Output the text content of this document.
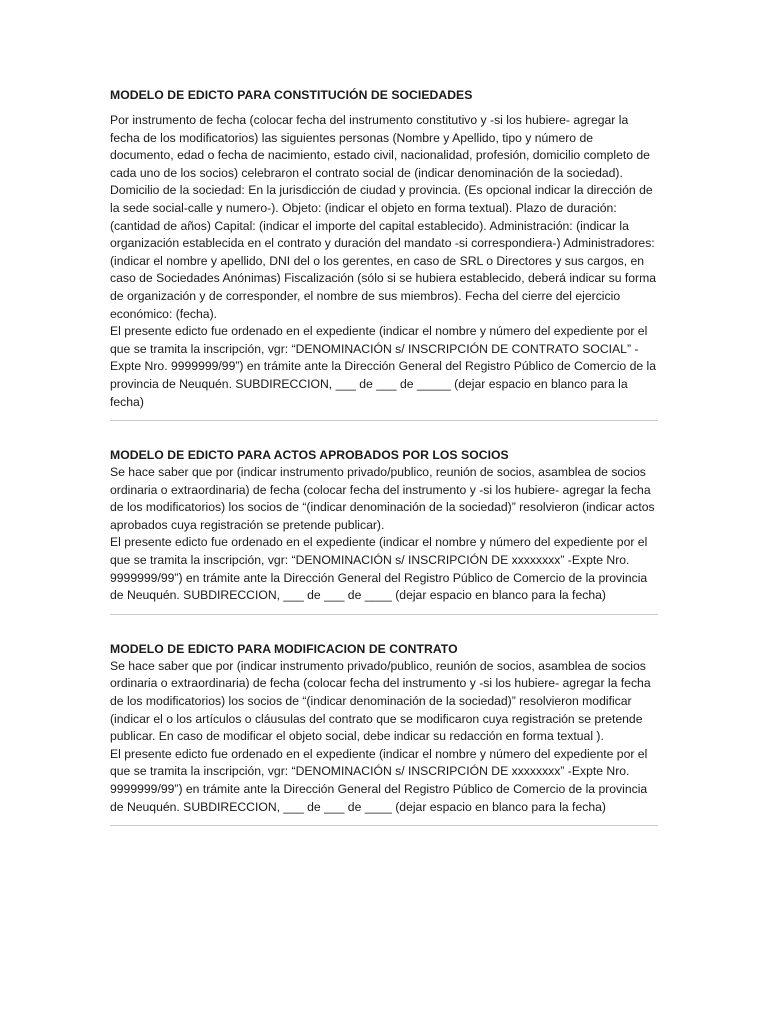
MODELO DE EDICTO PARA CONSTITUCIÓN DE SOCIEDADES

Por instrumento de fecha (colocar fecha del instrumento constitutivo y -si los hubiere- agregar la fecha de los modificatorios) las siguientes personas (Nombre y Apellido, tipo y número de documento, edad o fecha de nacimiento, estado civil, nacionalidad, profesión, domicilio completo de cada uno de los socios) celebraron el contrato social de (indicar denominación de la sociedad). Domicilio de la sociedad: En la jurisdicción de ciudad y provincia. (Es opcional indicar la dirección de la sede social-calle y numero-). Objeto: (indicar el objeto en forma textual). Plazo de duración: (cantidad de años) Capital: (indicar el importe del capital establecido). Administración: (indicar la organización establecida en el contrato y duración del mandato -si correspondiera-) Administradores: (indicar el nombre y apellido, DNI del o los gerentes, en caso de SRL o Directores y sus cargos, en caso de Sociedades Anónimas) Fiscalización (sólo si se hubiera establecido, deberá indicar su forma de organización y de corresponder, el nombre de sus miembros). Fecha del cierre del ejercicio económico: (fecha).

El presente edicto fue ordenado en el expediente (indicar el nombre y número del expediente por el que se tramita la inscripción, vgr: “DENOMINACIÓN s/ INSCRIPCIÓN DE CONTRATO SOCIAL” -Expte Nro. 9999999/99”) en trámite ante la Dirección General del Registro Público de Comercio de la provincia de Neuquén. SUBDIRECCION, ___ de ___ de _____ (dejar espacio en blanco para la fecha)

MODELO DE EDICTO PARA ACTOS APROBADOS POR LOS SOCIOS

Se hace saber que por (indicar instrumento privado/publico, reunión de socios, asamblea de socios ordinaria o extraordinaria) de fecha (colocar fecha del instrumento y -si los hubiere- agregar la fecha de los modificatorios) los socios de “(indicar denominación de la sociedad)” resolvieron (indicar actos aprobados cuya registración se pretende publicar).

El presente edicto fue ordenado en el expediente (indicar el nombre y número del expediente por el que se tramita la inscripción, vgr: “DENOMINACIÓN s/ INSCRIPCIÓN DE xxxxxxxx” -Expte Nro. 9999999/99”) en trámite ante la Dirección General del Registro Público de Comercio de la provincia de Neuquén. SUBDIRECCION, ___ de ___ de ____ (dejar espacio en blanco para la fecha)

MODELO DE EDICTO PARA MODIFICACION DE CONTRATO

Se hace saber que por (indicar instrumento privado/publico, reunión de socios, asamblea de socios ordinaria o extraordinaria) de fecha (colocar fecha del instrumento y -si los hubiere- agregar la fecha de los modificatorios) los socios de “(indicar denominación de la sociedad)” resolvieron modificar (indicar el o los artículos o cláusulas del contrato que se modificaron cuya registración se pretende publicar. En caso de modificar el objeto social, debe indicar su redacción en forma textual ).

El presente edicto fue ordenado en el expediente (indicar el nombre y número del expediente por el que se tramita la inscripción, vgr: “DENOMINACIÓN s/ INSCRIPCIÓN DE xxxxxxxx” -Expte Nro. 9999999/99”) en trámite ante la Dirección General del Registro Público de Comercio de la provincia de Neuquén. SUBDIRECCION, ___ de ___ de ____ (dejar espacio en blanco para la fecha)
